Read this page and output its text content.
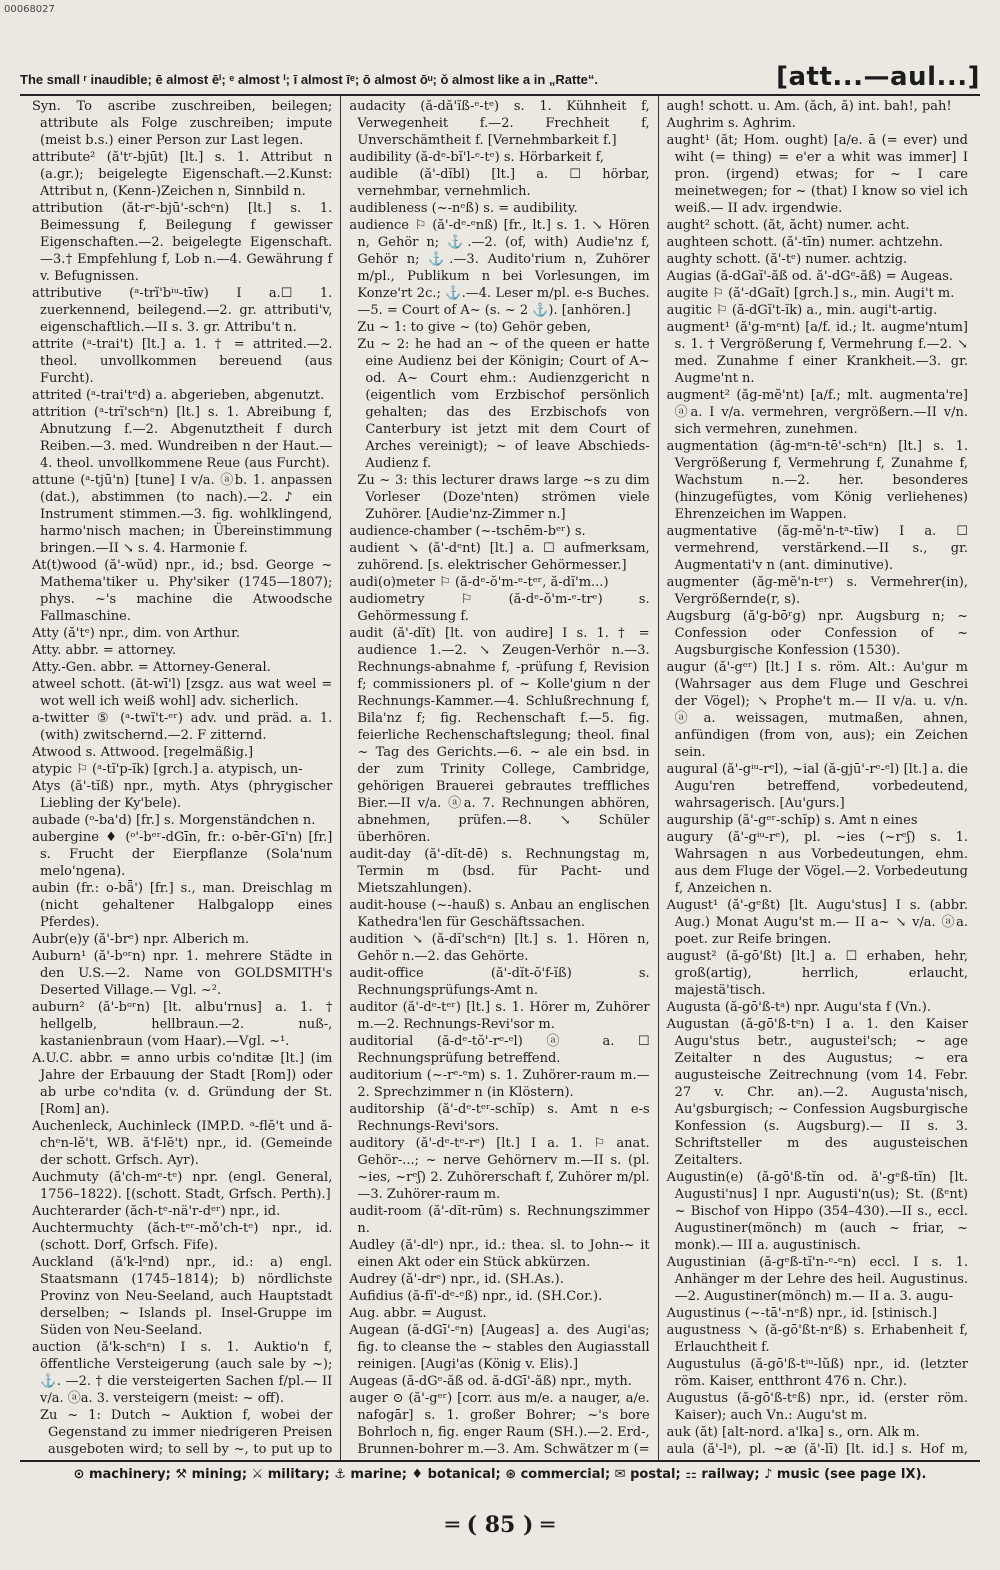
00068027
The small ʳ inaudible; ē almost ēⁱ; ᵉ almost ⁱ; ī almost īᵉ; ō almost ōᵘ; ǒ almost like a in „Ratte“.	[att...—aul...]

Syn. To ascribe zuschreiben, beilegen; attribute als Folge zuschreiben; impute (meist b.s.) einer Person zur Last legen.

attribute² (ă'tʳ-bjūt) [lt.] s. 1. Attribut n (a.gr.); beigelegte Eigenschaft.—2.Kunst: Attribut n, (Kenn-)Zeichen n, Sinnbild n.

attribution (ăt-rᵉ-bjū'-schᵉn) [lt.] s. 1. Beimessung f, Beilegung f gewisser Eigenschaften.—2. beigelegte Eigenschaft.—3.† Empfehlung f, Lob n.—4. Gewährung f v. Befugnissen.

attributive (ᵃ-trĭ'bⁱᵘ-tīw) I a.☐ 1. zuerkennend, beilegend.—2. gr. attributi'v, eigenschaftlich.—II s. 3. gr. Attribu't n.

attrite (ᵃ-trai't) [lt.] a. 1. † = attrited.—2. theol. unvollkommen bereuend (aus Furcht).

attrited (ᵃ-trai'tᵉd) a. abgerieben, abgenutzt.

attrition (ᵃ-trĭ'schᵉn) [lt.] s. 1. Abreibung f, Abnutzung f.—2. Abgenutztheit f durch Reiben.—3. med. Wundreiben n der Haut.—4. theol. unvollkommene Reue (aus Furcht).

attune (ᵃ-tjū'n) [tune] I v/a. ⓐb. 1. anpassen (dat.), abstimmen (to nach).—2. ♪ ein Instrument stimmen.—3. fig. wohlklingend, harmo'nisch machen; in Übereinstimmung bringen.—II ↘ s. 4. Harmonie f.

At(t)wood (ă'-wŭd) npr., id.; bsd. George ~ Mathema'tiker u. Phy'siker (1745—1807); phys. ~'s machine die Atwoodsche Fallmaschine.

Atty (ă'tᵉ) npr., dim. von Arthur.

Atty. abbr. = attorney.

Atty.-Gen. abbr. = Attorney-General.

atweel schott. (ăt-wī'l) [zsgz. aus wat weel = wot well ich weiß wohl] adv. sicherlich.

a-twitter ⑤ (ᵃ-twĭ't-ᵉʳ) adv. und präd. a. 1. (with) zwitschernd.—2. F zitternd.

Atwood s. Attwood. [regelmäßig.]

atypic ⚐ (ᵃ-tĭ'p-ĭk) [grch.] a. atypisch, un-

Atys (ă'-tĭß) npr., myth. Atys (phrygischer Liebling der Ky'bele).

aubade (ᵒ-ba'd) [fr.] s. Morgenständchen n.

aubergine ♦ (ᵒ'-bᵉʳ-dGīn, fr.: o-bēr-Gī'n) [fr.] s. Frucht der Eierpflanze (Sola'num melo'ngena).

aubin (fr.: o-bǟ') [fr.] s., man. Dreischlag m (nicht gehaltener Halbgalopp eines Pferdes).

Aubr(e)y (ă'-brᵉ) npr. Alberich m.

Auburn¹ (ă'-bᵒʳn) npr. 1. mehrere Städte in den U.S.—2. Name von GOLDSMITH's Deserted Village.— Vgl. ~².

auburn² (ă'-bᵒʳn) [lt. albu'rnus] a. 1. † hellgelb, hellbraun.—2. nuß-, kastanienbraun (vom Haar).—Vgl. ~¹.

A.U.C. abbr. = anno urbis co'nditæ [lt.] (im Jahre der Erbauung der Stadt [Rom]) oder ab urbe co'ndita (v. d. Gründung der St. [Rom] an).

Auchenleck, Auchinleck (IMP.D. ᵃ-flĕ't und ă-chᵉn-lĕ't, WB. ă'f-lĕ't) npr., id. (Gemeinde der schott. Grfsch. Ayr).

Auchmuty (ă'ch-mᵉ-tᵉ) npr. (engl. General, 1756–1822). [(schott. Stadt, Grfsch. Perth).]

Auchterarder (ăch-tᵉ-nä'r-dᵉʳ) npr., id.

Auchtermuchty (ăch-tᵉʳ-mǒ'ch-tᵉ) npr., id. (schott. Dorf, Grfsch. Fife).

Auckland (ă'k-lᵉnd) npr., id.: a) engl. Staatsmann (1745–1814); b) nördlichste Provinz von Neu-Seeland, auch Hauptstadt derselben; ~ Islands pl. Insel-Gruppe im Süden von Neu-Seeland.

auction (ă'k-schᵉn) I s. 1. Auktio'n f, öffentliche Versteigerung (auch sale by ~); ⚓. —2. † die versteigerten Sachen f/pl.— II v/a. ⓐa. 3. versteigern (meist: ~ off).

Zu ~ 1: Dutch ~ Auktion f, wobei der Gegenstand zu immer niedrigeren Preisen ausgeboten wird; to sell by ~, to put up to

audacity (ă-dă'ĭß-ᵉ-tᵉ) s. 1. Kühnheit f, Verwegenheit f.—2. Frechheit f, Unverschämtheit f. [Vernehmbarkeit f.]

audibility (ă-dᵉ-bĭ'l-ᵉ-tᵉ) s. Hörbarkeit f,

audible (ă'-dĭbl) [lt.] a. ☐ hörbar, vernehmbar, vernehmlich.

audibleness (~-nᵉß) s. = audibility.

audience ⚐ (ă'-dᵉ-ᵉnß) [fr., lt.] s. 1. ↘ Hören n, Gehör n; ⚓.—2. (of, with) Audie'nz f, Gehör n; ⚓.—3. Audito'rium n, Zuhörer m/pl., Publikum n bei Vorlesungen, im Konze'rt 2c.; ⚓.—4. Leser m/pl. e-s Buches.—5. = Court of A~ (s. ~ 2 ⚓). [anhören.]

Zu ~ 1: to give ~ (to) Gehör geben,

Zu ~ 2: he had an ~ of the queen er hatte eine Audienz bei der Königin; Court of A~ od. A~ Court ehm.: Audienzgericht n (eigentlich vom Erzbischof persönlich gehalten; das des Erzbischofs von Canterbury ist jetzt mit dem Court of Arches vereinigt); ~ of leave Abschieds-Audienz f.

Zu ~ 3: this lecturer draws large ~s zu dim Vorleser (Doze'nten) strömen viele Zuhörer. [Audie'nz-Zimmer n.]

audience-chamber (~-tschēm-bᵉʳ) s.

audient ↘ (ă'-dᵉnt) [lt.] a. ☐ aufmerksam, zuhörend. [s. elektrischer Gehörmesser.]

audi(o)meter ⚐ (ă-dᵉ-ŏ'm-ᵉ-tᵉʳ, ă-dĭ'm...)

audiometry ⚐ (ă-dᵉ-ŏ'm-ᵉ-trᵉ) s. Gehörmessung f.

audit (ă'-dĭt) [lt. von audire] I s. 1. † = audience 1.—2. ↘ Zeugen-Verhör n.—3. Rechnungs-abnahme f, -prüfung f, Revision f; commissioners pl. of ~ Kolle'gium n der Rechnungs-Kammer.—4. Schlußrechnung f, Bila'nz f; fig. Rechenschaft f.—5. fig. feierliche Rechenschaftslegung; theol. final ~ Tag des Gerichts.—6. ~ ale ein bsd. in der zum Trinity College, Cambridge, gehörigen Brauerei gebrautes treffliches Bier.—II v/a. ⓐa. 7. Rechnungen abhören, abnehmen, prüfen.—8. ↘ Schüler überhören.

audit-day (ă'-dĭt-dē) s. Rechnungstag m, Termin m (bsd. für Pacht- und Mietszahlungen).

audit-house (~-hauß) s. Anbau an englischen Kathedra'len für Geschäftssachen.

audition ↘ (ă-dĭ'schᵉn) [lt.] s. 1. Hören n, Gehör n.—2. das Gehörte.

audit-office (ă'-dĭt-ŏ'f-ĭß) s. Rechnungsprüfungs-Amt n.

auditor (ă'-dᵉ-tᵉʳ) [lt.] s. 1. Hörer m, Zuhörer m.—2. Rechnungs-Revi'sor m.

auditorial (ă-dᵉ-tŏ'-rᵉ-ᵉl) ⓐ a. ☐ Rechnungsprüfung betreffend.

auditorium (~-rᵉ-ᵉm) s. 1. Zuhörer-raum m.—2. Sprechzimmer n (in Klöstern).

auditorship (ă'-dᵉ-tᵉʳ-schĭp) s. Amt n e-s Rechnungs-Revi'sors.

auditory (ă'-dᵉ-tᵉ-rᵉ) [lt.] I a. 1. ⚐ anat. Gehör-...; ~ nerve Gehörnerv m.—II s. (pl. ~ies, ~rᵉʃ) 2. Zuhörerschaft f, Zuhörer m/pl.—3. Zuhörer-raum m.

audit-room (ă'-dĭt-rūm) s. Rechnungszimmer n.

Audley (ă'-dlᵉ) npr., id.: thea. sl. to John-~ it einen Akt oder ein Stück abkürzen.

Audrey (ă'-drᵉ) npr., id. (SH.As.).

Aufidius (ă-fĭ'-dᵉ-ᵉß) npr., id. (SH.Cor.).

Aug. abbr. = August.

Augean (ă-dGī'-ᵉn) [Augeas] a. des Augi'as; fig. to cleanse the ~ stables den Augiasstall reinigen. [Augi'as (König v. Elis).]

Augeas (ă-dGᵉ-ăß od. ă-dGī'-ăß) npr., myth.

auger ⊙ (ă'-gᵉʳ) [corr. aus m/e. a nauger, a/e. nafogār] s. 1. großer Bohrer; ~'s bore Bohrloch n, fig. enger Raum (SH.).—2. Erd-, Brunnen-bohrer m.—3. Am. Schwätzer m (=

augh! schott. u. Am. (ăch, ă) int. bah!, pah!

Aughrim s. Aghrim.

aught¹ (ăt; Hom. ought) [a/e. ā (= ever) und wiht (= thing) = e'er a whit was immer] I pron. (irgend) etwas; for ~ I care meinetwegen; for ~ (that) I know so viel ich weiß.— II adv. irgendwie.

aught² schott. (ăt, ăcht) numer. acht.

aughteen schott. (ă'-tīn) numer. achtzehn.

aughty schott. (ă'-tᵉ) numer. achtzig.

Augias (ă-dGaĭ'-ăß od. ă'-dGᵉ-ăß) = Augeas.

augite ⚐ (ă'-dGaĭt) [grch.] s., min. Augi't m.

augitic ⚐ (ă-dGĭ't-ĭk) a., min. augi't-artig.

augment¹ (ă'g-mᵉnt) [a/f. id.; lt. augme'ntum] s. 1. † Vergrößerung f, Vermehrung f.—2. ↘ med. Zunahme f einer Krankheit.—3. gr. Augme'nt n.

augment² (ăg-mĕ'nt) [a/f.; mlt. augmenta're] ⓐa. I v/a. vermehren, vergrößern.—II v/n. sich vermehren, zunehmen.

augmentation (ăg-mᵉn-tē'-schᵉn) [lt.] s. 1. Vergrößerung f, Vermehrung f, Zunahme f, Wachstum n.—2. her. besonderes (hinzugefügtes, vom König verliehenes) Ehrenzeichen im Wappen.

augmentative (ăg-mĕ'n-tᵃ-tīw) I a. ☐ vermehrend, verstärkend.—II s., gr. Augmentati'v n (ant. diminutive).

augmenter (ăg-mĕ'n-tᵉʳ) s. Vermehrer(in), Vergrößernde(r, s).

Augsburg (ă'g-bōʳg) npr. Augsburg n; ~ Confession oder Confession of ~ Augsburgische Konfession (1530).

augur (ă'-gᵉʳ) [lt.] I s. röm. Alt.: Au'gur m (Wahrsager aus dem Fluge und Geschrei der Vögel); ↘ Prophe't m.— II v/a. u. v/n. ⓐa. weissagen, mutmaßen, ahnen, anfündigen (from von, aus); ein Zeichen sein.

augural (ă'-gⁱᵘ-rᵉl), ~ial (ă-gjū'-rᵉ-ᵉl) [lt.] a. die Augu'ren betreffend, vorbedeutend, wahrsagerisch. [Au'gurs.]

augurship (ă'-gᵉʳ-schĭp) s. Amt n eines

augury (ă'-gⁱᵘ-rᵉ), pl. ~ies (~rᵉʃ) s. 1. Wahrsagen n aus Vorbedeutungen, ehm. aus dem Fluge der Vögel.—2. Vorbedeutung f, Anzeichen n.

August¹ (ă'-gᵉßt) [lt. Augu'stus] I s. (abbr. Aug.) Monat Augu'st m.— II a~ ↘ v/a. ⓐa. poet. zur Reife bringen.

august² (ă-gō'ßt) [lt.] a. ☐ erhaben, hehr, groß(artig), herrlich, erlaucht, majestä'tisch.

Augusta (ă-gō'ß-tᵃ) npr. Augu'sta f (Vn.).

Augustan (ă-gō'ß-tᵉn) I a. 1. den Kaiser Augu'stus betr., augustei'sch; ~ age Zeitalter n des Augustus; ~ era augusteische Zeitrechnung (vom 14. Febr. 27 v. Chr. an).—2. Augusta'nisch, Au'gsburgisch; ~ Confession Augsburgische Konfession (s. Augsburg).— II s. 3. Schriftsteller m des augusteischen Zeitalters.

Augustin(e) (ă-gō'ß-tĭn od. ă'-gᵉß-tĭn) [lt. Augusti'nus] I npr. Augusti'n(us); St. (ßᵉnt) ~ Bischof von Hippo (354–430).—II s., eccl. Augustiner(mönch) m (auch ~ friar, ~ monk).— III a. augustinisch.

Augustinian (ă-gᵉß-tĭ'n-ᵉ-ᵉn) eccl. I s. 1. Anhänger m der Lehre des heil. Augustinus.—2. Augustiner(mönch) m.— II a. 3. augu-

Augustinus (~-tā'-nᵉß) npr., id. [stinisch.]

augustness ↘ (ă-gō'ßt-nᵉß) s. Erhabenheit f, Erlauchtheit f.

Augustulus (ă-gō'ß-tⁱᵘ-lŭß) npr., id. (letzter röm. Kaiser, entthront 476 n. Chr.).

Augustus (ă-gō'ß-tᵉß) npr., id. (erster röm. Kaiser); auch Vn.: Augu'st m.

auk (ăt) [alt-nord. a'lka] s., orn. Alk m.

aula (ă'-lᵃ), pl. ~æ (ă'-lī) [lt. id.] s. Hof m,

⊙ machinery; ⚒ mining; ⚔ military; ⚓ marine; ♦ botanical; ⊛ commercial; ✉ postal; ⚏ railway; ♪ music (see page IX).
═ ( 85 ) ═
